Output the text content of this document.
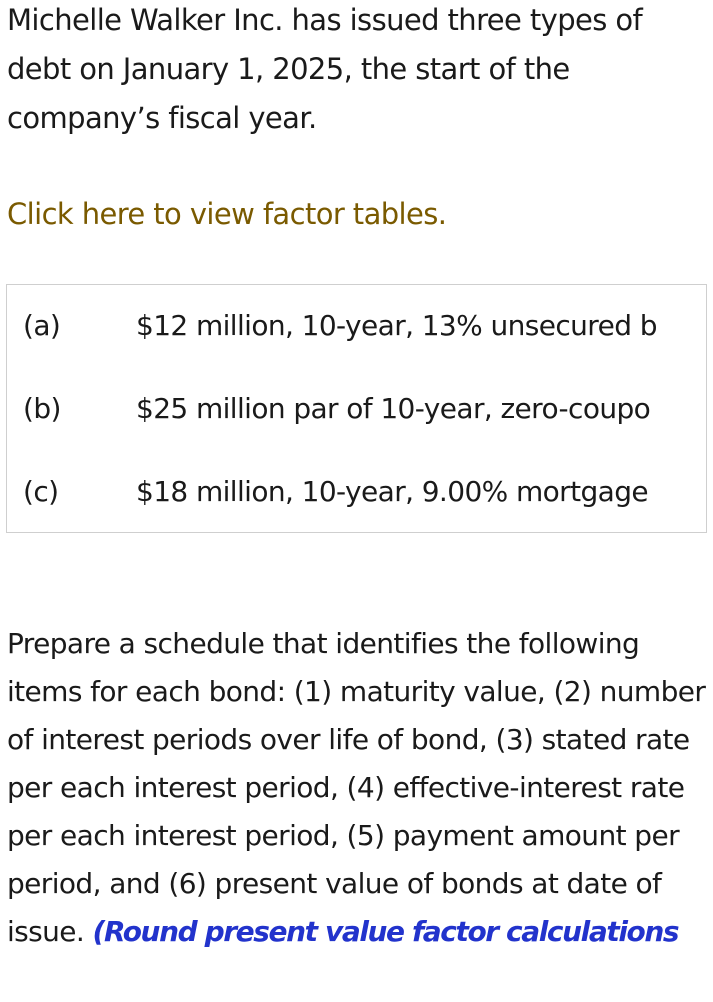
Michelle Walker Inc. has issued three types of debt on January 1, 2025, the start of the company’s fiscal year.

Click here to view factor tables.
(a)	$12 million, 10-year, 13% unsecured b
(b)	$25 million par of 10-year, zero-coupo
(c)	$18 million, 10-year, 9.00% mortgage

Prepare a schedule that identifies the following items for each bond: (1) maturity value, (2) number of interest periods over life of bond, (3) stated rate per each interest period, (4) effective-interest rate per each interest period, (5) payment amount per period, and (6) present value of bonds at date of issue. (Round present value factor calculations
